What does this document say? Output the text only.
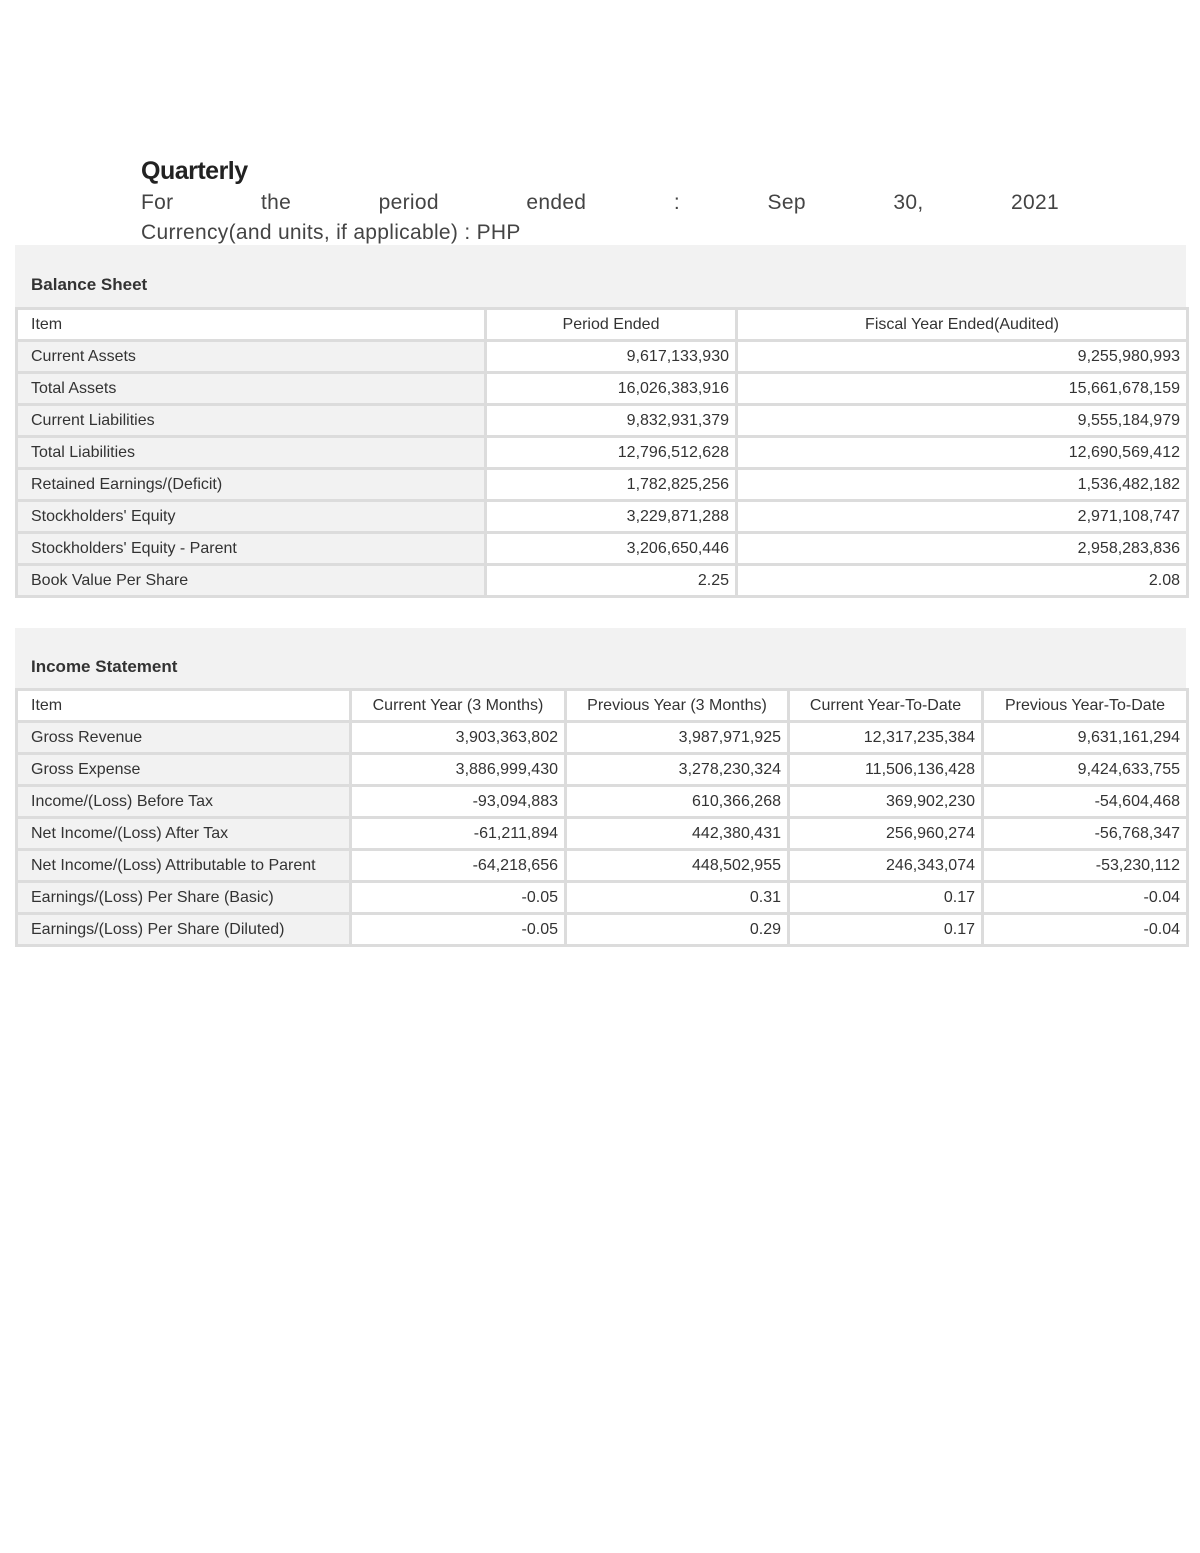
Quarterly
For	the	period	ended	:	Sep	30,	2021
Currency(and units, if applicable) : PHP
Balance Sheet
Item	Period Ended	Fiscal Year Ended(Audited)
Current Assets	9,617,133,930	9,255,980,993
Total Assets	16,026,383,916	15,661,678,159
Current Liabilities	9,832,931,379	9,555,184,979
Total Liabilities	12,796,512,628	12,690,569,412
Retained Earnings/(Deficit)	1,782,825,256	1,536,482,182
Stockholders' Equity	3,229,871,288	2,971,108,747
Stockholders' Equity - Parent	3,206,650,446	2,958,283,836
Book Value Per Share	2.25	2.08
Income Statement
Item	Current Year (3 Months)	Previous Year (3 Months)	Current Year-To-Date	Previous Year-To-Date
Gross Revenue	3,903,363,802	3,987,971,925	12,317,235,384	9,631,161,294
Gross Expense	3,886,999,430	3,278,230,324	11,506,136,428	9,424,633,755
Income/(Loss) Before Tax	-93,094,883	610,366,268	369,902,230	-54,604,468
Net Income/(Loss) After Tax	-61,211,894	442,380,431	256,960,274	-56,768,347
Net Income/(Loss) Attributable to Parent	-64,218,656	448,502,955	246,343,074	-53,230,112
Earnings/(Loss) Per Share (Basic)	-0.05	0.31	0.17	-0.04
Earnings/(Loss) Per Share (Diluted)	-0.05	0.29	0.17	-0.04
